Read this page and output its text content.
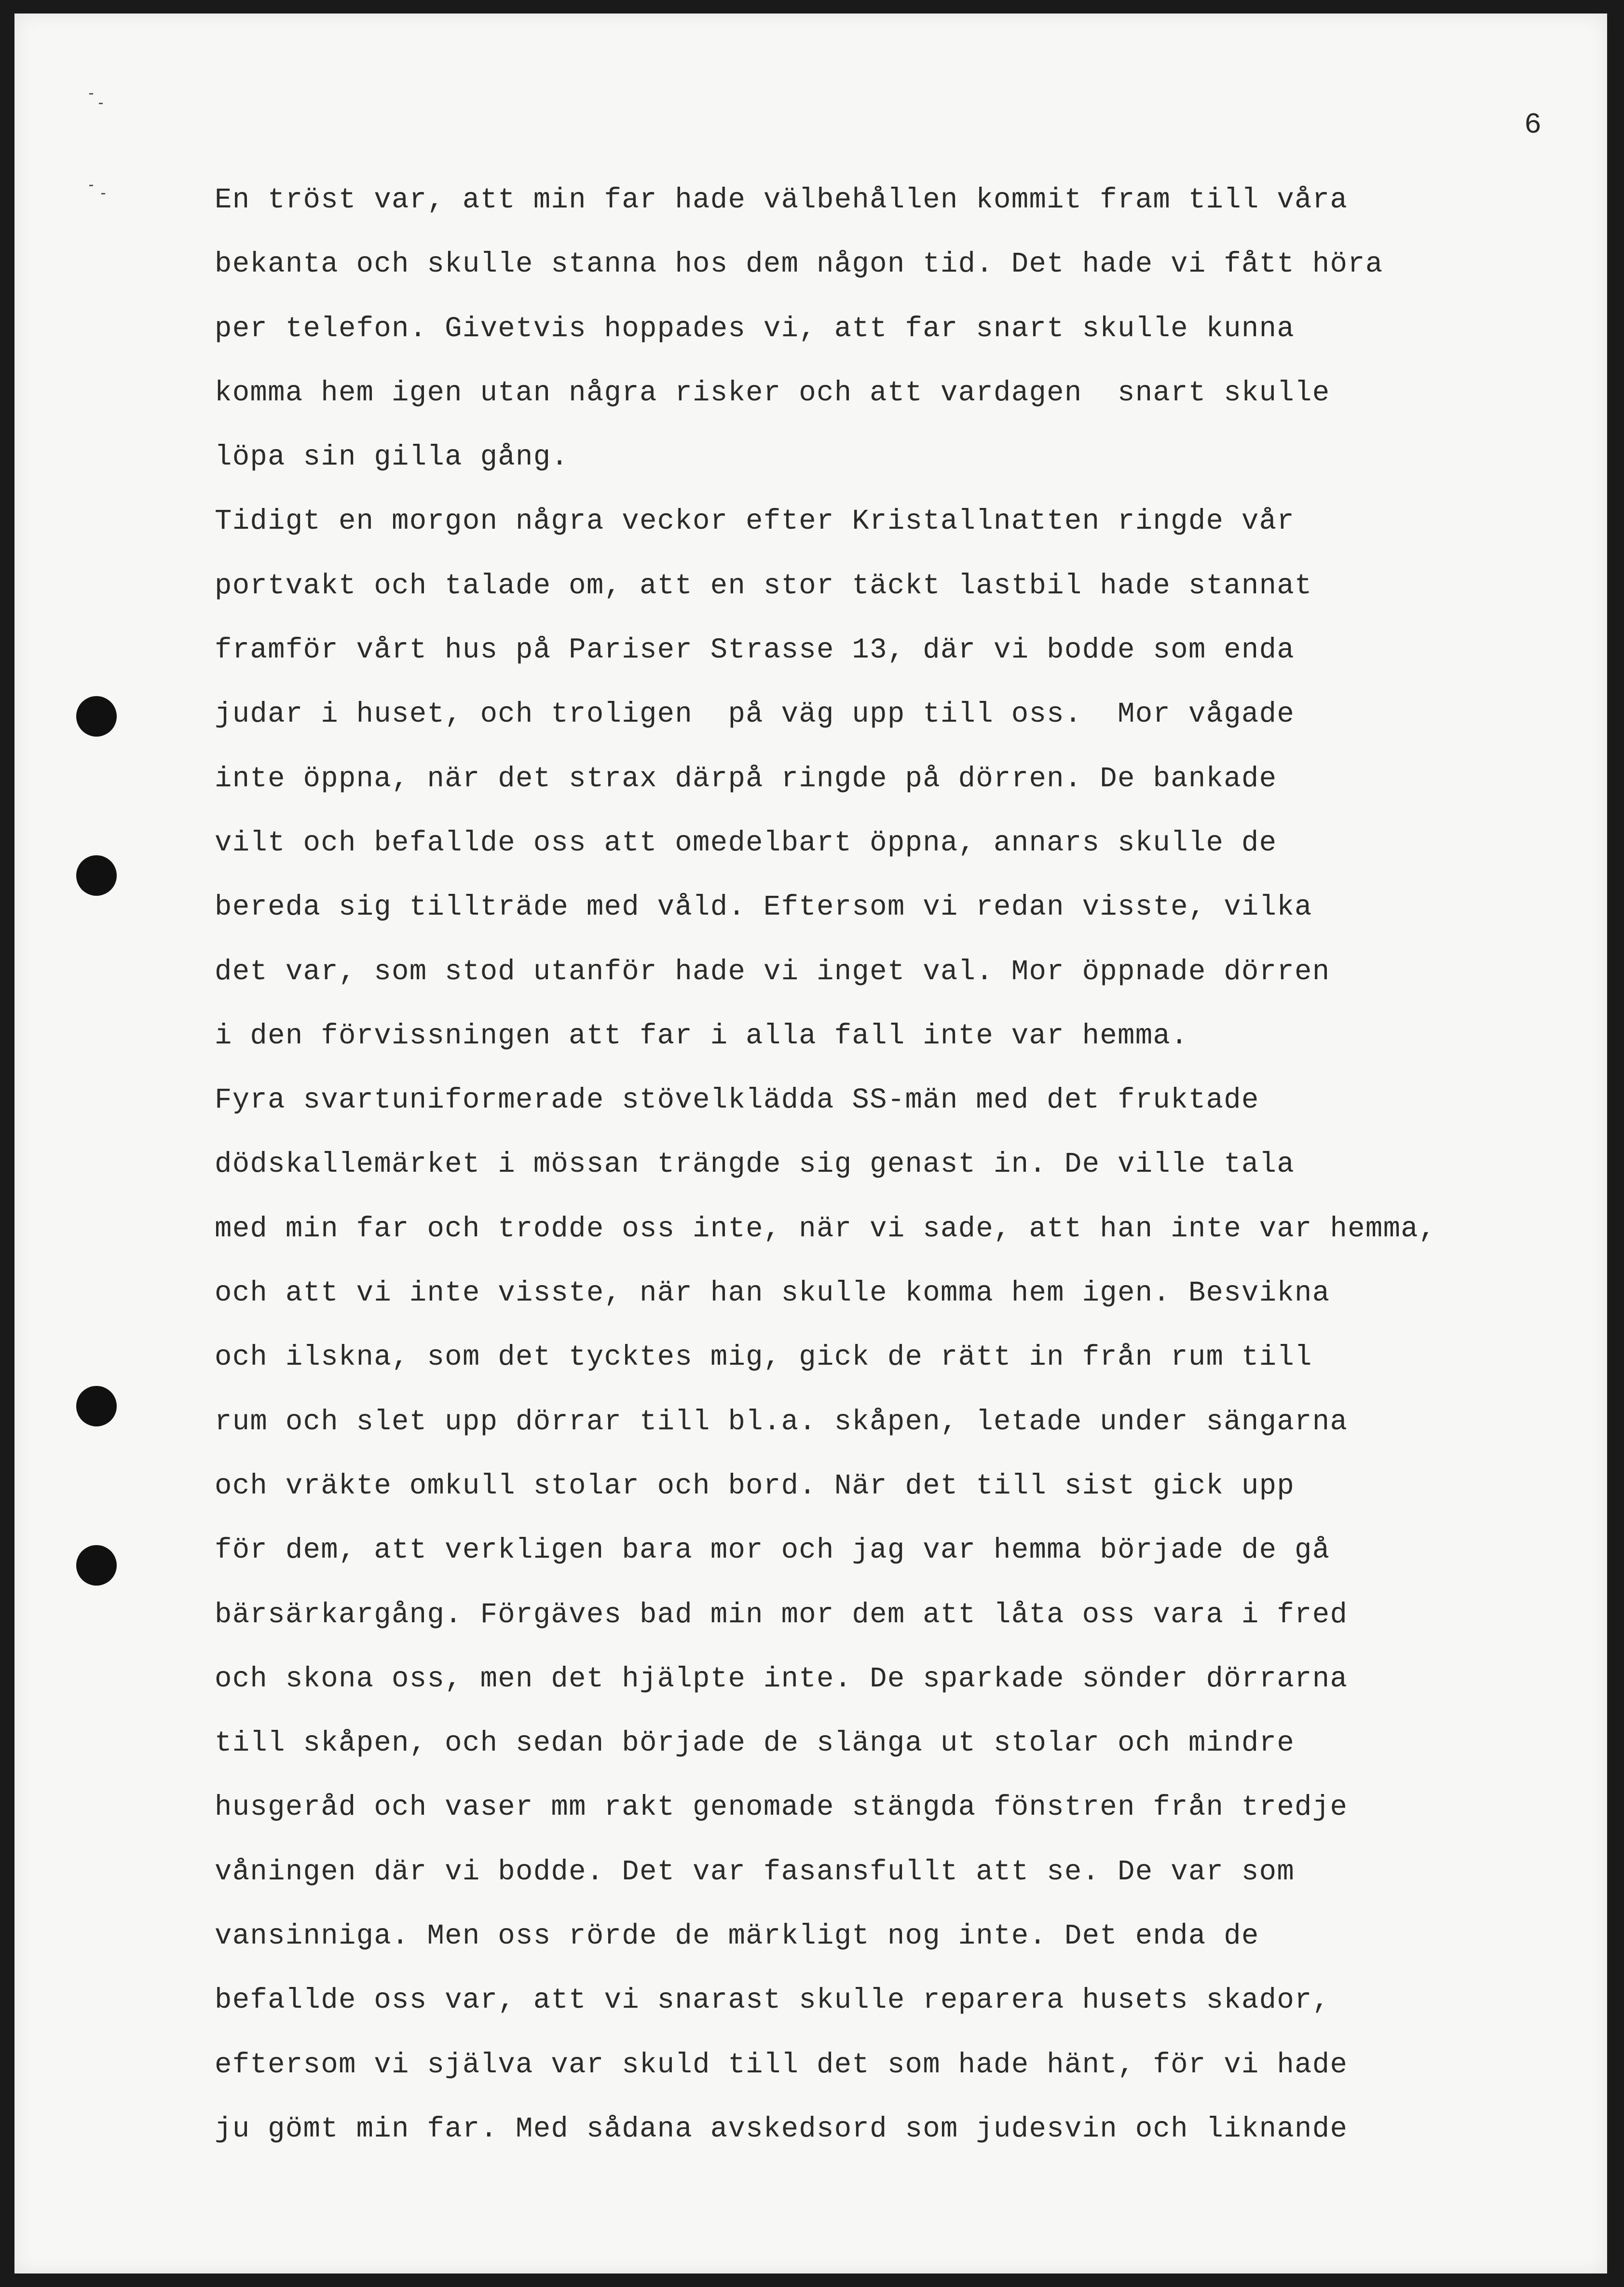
6
En tröst var, att min far hade välbehållen kommit fram till våra
bekanta och skulle stanna hos dem någon tid. Det hade vi fått höra
per telefon. Givetvis hoppades vi, att far snart skulle kunna
komma hem igen utan några risker och att vardagen  snart skulle
löpa sin gilla gång.
Tidigt en morgon några veckor efter Kristallnatten ringde vår
portvakt och talade om, att en stor täckt lastbil hade stannat
framför vårt hus på Pariser Strasse 13, där vi bodde som enda
judar i huset, och troligen  på väg upp till oss.  Mor vågade
inte öppna, när det strax därpå ringde på dörren. De bankade
vilt och befallde oss att omedelbart öppna, annars skulle de
bereda sig tillträde med våld. Eftersom vi redan visste, vilka
det var, som stod utanför hade vi inget val. Mor öppnade dörren
i den förvissningen att far i alla fall inte var hemma.
Fyra svartuniformerade stövelklädda SS-män med det fruktade
dödskallemärket i mössan trängde sig genast in. De ville tala
med min far och trodde oss inte, när vi sade, att han inte var hemma,
och att vi inte visste, när han skulle komma hem igen. Besvikna
och ilskna, som det tycktes mig, gick de rätt in från rum till
rum och slet upp dörrar till bl.a. skåpen, letade under sängarna
och vräkte omkull stolar och bord. När det till sist gick upp
för dem, att verkligen bara mor och jag var hemma började de gå
bärsärkargång. Förgäves bad min mor dem att låta oss vara i fred
och skona oss, men det hjälpte inte. De sparkade sönder dörrarna
till skåpen, och sedan började de slänga ut stolar och mindre
husgeråd och vaser mm rakt genomade stängda fönstren från tredje
våningen där vi bodde. Det var fasansfullt att se. De var som
vansinniga. Men oss rörde de märkligt nog inte. Det enda de
befallde oss var, att vi snarast skulle reparera husets skador,
eftersom vi själva var skuld till det som hade hänt, för vi hade
ju gömt min far. Med sådana avskedsord som judesvin och liknande
